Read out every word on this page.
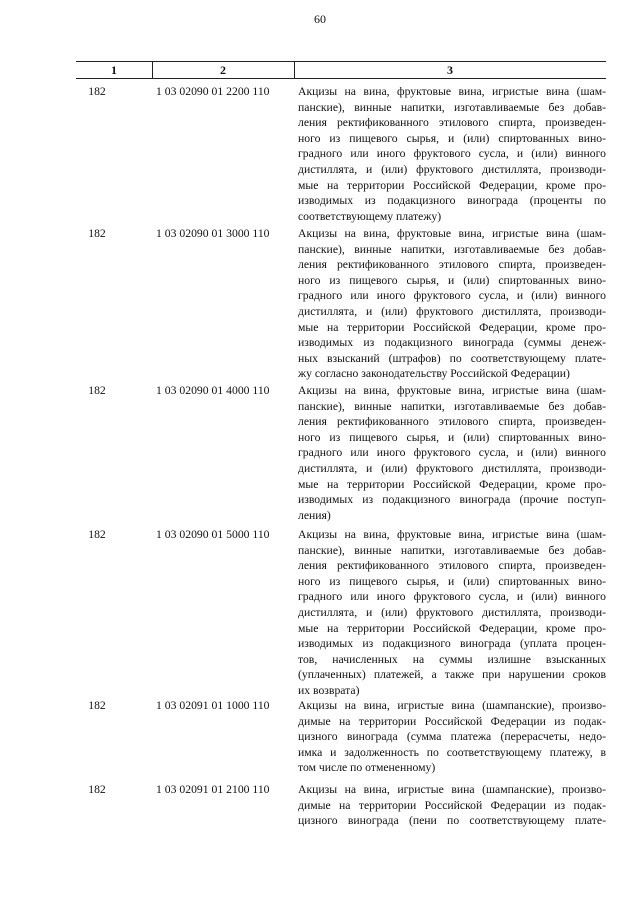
60
1	2	3
182	1 03 02090 01 2200 110	Акцизы на вина, фруктовые вина, игристые вина (шам-
панские), винные напитки, изготавливаемые без добав-
ления ректификованного этилового спирта, произведен-
ного из пищевого сырья, и (или) спиртованных вино-
градного или иного фруктового сусла, и (или) винного
дистиллята, и (или) фруктового дистиллята, производи-
мые на территории Российской Федерации, кроме про-
изводимых из подакцизного винограда (проценты по
соответствующему платежу)
182	1 03 02090 01 3000 110	Акцизы на вина, фруктовые вина, игристые вина (шам-
панские), винные напитки, изготавливаемые без добав-
ления ректификованного этилового спирта, произведен-
ного из пищевого сырья, и (или) спиртованных вино-
градного или иного фруктового сусла, и (или) винного
дистиллята, и (или) фруктового дистиллята, производи-
мые на территории Российской Федерации, кроме про-
изводимых из подакцизного винограда (суммы денеж-
ных взысканий (штрафов) по соответствующему плате-
жу согласно законодательству Российской Федерации)
182	1 03 02090 01 4000 110	Акцизы на вина, фруктовые вина, игристые вина (шам-
панские), винные напитки, изготавливаемые без добав-
ления ректификованного этилового спирта, произведен-
ного из пищевого сырья, и (или) спиртованных вино-
градного или иного фруктового сусла, и (или) винного
дистиллята, и (или) фруктового дистиллята, производи-
мые на территории Российской Федерации, кроме про-
изводимых из подакцизного винограда (прочие поступ-
ления)
182	1 03 02090 01 5000 110	Акцизы на вина, фруктовые вина, игристые вина (шам-
панские), винные напитки, изготавливаемые без добав-
ления ректификованного этилового спирта, произведен-
ного из пищевого сырья, и (или) спиртованных вино-
градного или иного фруктового сусла, и (или) винного
дистиллята, и (или) фруктового дистиллята, производи-
мые на территории Российской Федерации, кроме про-
изводимых из подакцизного винограда (уплата процен-
тов, начисленных на суммы излишне взысканных
(уплаченных) платежей, а также при нарушении сроков
их возврата)
182	1 03 02091 01 1000 110	Акцизы на вина, игристые вина (шампанские), произво-
димые на территории Российской Федерации из подак-
цизного винограда (сумма платежа (перерасчеты, недо-
имка и задолженность по соответствующему платежу, в
том числе по отмененному)
182	1 03 02091 01 2100 110	Акцизы на вина, игристые вина (шампанские), произво-
димые на территории Российской Федерации из подак-
цизного винограда (пени по соответствующему плате-
